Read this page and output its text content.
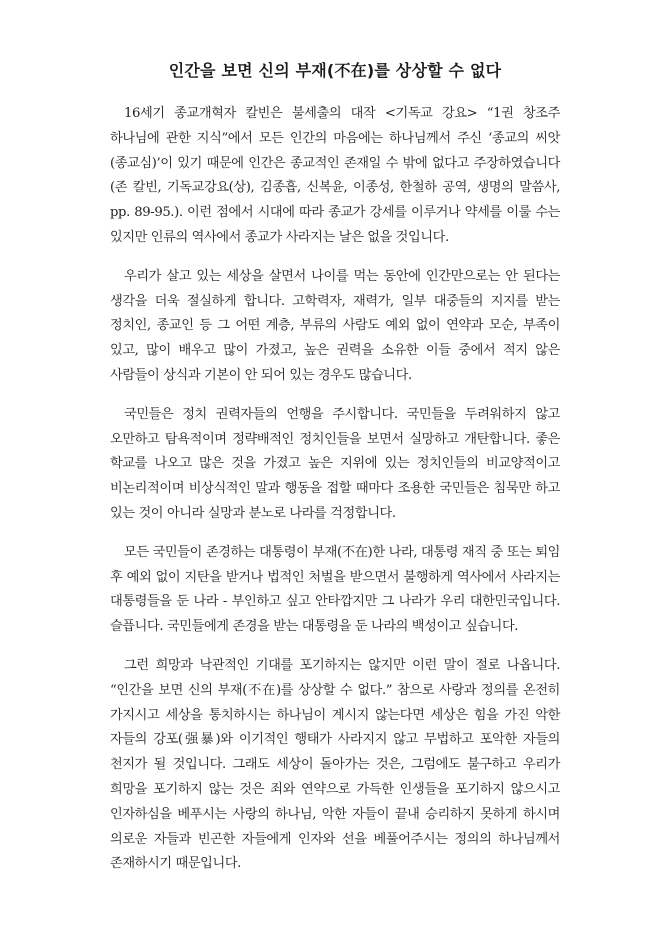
인간을 보면 신의 부재(不在)를 상상할 수 없다

16세기 종교개혁자 칼빈은 불세출의 대작 <기독교 강요> “1권 창조주 하나님에 관한 지식”에서 모든 인간의 마음에는 하나님께서 주신 ‘종교의 씨앗(종교심)’이 있기 때문에 인간은 종교적인 존재일 수 밖에 없다고 주장하였습니다(존 칼빈, 기독교강요(상), 김종흡, 신복윤, 이종성, 한철하 공역, 생명의 말씀사, pp. 89-95.). 이런 점에서 시대에 따라 종교가 강세를 이루거나 약세를 이룰 수는 있지만 인류의 역사에서 종교가 사라지는 날은 없을 것입니다.

우리가 살고 있는 세상을 살면서 나이를 먹는 동안에 인간만으로는 안 된다는 생각을 더욱 절실하게 합니다. 고학력자, 재력가, 일부 대중들의 지지를 받는 정치인, 종교인 등 그 어떤 계층, 부류의 사람도 예외 없이 연약과 모순, 부족이 있고, 많이 배우고 많이 가졌고, 높은 권력을 소유한 이들 중에서 적지 않은 사람들이 상식과 기본이 안 되어 있는 경우도 많습니다.

국민들은 정치 권력자들의 언행을 주시합니다. 국민들을 두려워하지 않고 오만하고 탐욕적이며 정략배적인 정치인들을 보면서 실망하고 개탄합니다. 좋은 학교를 나오고 많은 것을 가졌고 높은 지위에 있는 정치인들의 비교양적이고 비논리적이며 비상식적인 말과 행동을 접할 때마다 조용한 국민들은 침묵만 하고 있는 것이 아니라 실망과 분노로 나라를 걱정합니다.

모든 국민들이 존경하는 대통령이 부재(不在)한 나라, 대통령 재직 중 또는 퇴임 후 예외 없이 지탄을 받거나 법적인 처벌을 받으면서 불행하게 역사에서 사라지는 대통령들을 둔 나라 - 부인하고 싶고 안타깝지만 그 나라가 우리 대한민국입니다. 슬픕니다. 국민들에게 존경을 받는 대통령을 둔 나라의 백성이고 싶습니다.

그런 희망과 낙관적인 기대를 포기하지는 않지만 이런 말이 절로 나옵니다. “인간을 보면 신의 부재(不在)를 상상할 수 없다.” 참으로 사랑과 정의를 온전히 가지시고 세상을 통치하시는 하나님이 계시지 않는다면 세상은 힘을 가진 악한 자들의 강포(强暴)와 이기적인 행태가 사라지지 않고 무법하고 포악한 자들의 천지가 될 것입니다. 그래도 세상이 돌아가는 것은, 그럼에도 불구하고 우리가 희망을 포기하지 않는 것은 죄와 연약으로 가득한 인생들을 포기하지 않으시고 인자하심을 베푸시는 사랑의 하나님, 악한 자들이 끝내 승리하지 못하게 하시며 의로운 자들과 빈곤한 자들에게 인자와 선을 베풀어주시는 정의의 하나님께서 존재하시기 때문입니다.
